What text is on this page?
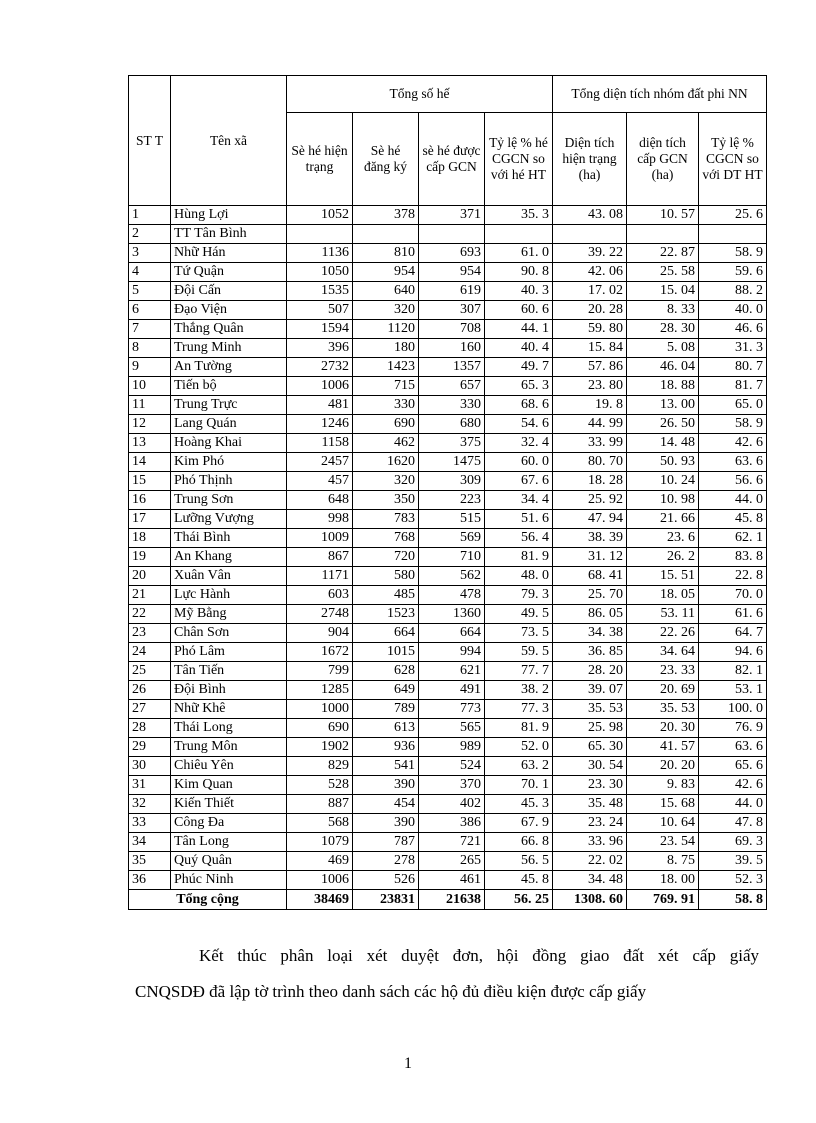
ST T	Tên xã	Tổng số hế				Tổng diện tích nhóm đất phi NN		
		Sè hé hiện trạng	Sè hé đăng ký	sè hé được cấp GCN	Tỷ lệ % hé CGCN so với hé HT	Diện tích hiện trạng (ha)	diện tích cấp GCN (ha)	Tỷ lệ % CGCN so với DT HT
1	Hùng Lợi	1052	378	371	35. 3	43. 08	10. 57	25. 6
2	TT Tân Bình							
3	Nhữ Hán	1136	810	693	61. 0	39. 22	22. 87	58. 9
4	Tứ Quận	1050	954	954	90. 8	42. 06	25. 58	59. 6
5	Đội Cấn	1535	640	619	40. 3	17. 02	15. 04	88. 2
6	Đạo Viện	507	320	307	60. 6	20. 28	8. 33	40. 0
7	Thắng Quân	1594	1120	708	44. 1	59. 80	28. 30	46. 6
8	Trung Minh	396	180	160	40. 4	15. 84	5. 08	31. 3
9	An Tường	2732	1423	1357	49. 7	57. 86	46. 04	80. 7
10	Tiến bộ	1006	715	657	65. 3	23. 80	18. 88	81. 7
11	Trung Trực	481	330	330	68. 6	19. 8	13. 00	65. 0
12	Lang Quán	1246	690	680	54. 6	44. 99	26. 50	58. 9
13	Hoàng Khai	1158	462	375	32. 4	33. 99	14. 48	42. 6
14	Kim Phó	2457	1620	1475	60. 0	80. 70	50. 93	63. 6
15	Phó Thịnh	457	320	309	67. 6	18. 28	10. 24	56. 6
16	Trung Sơn	648	350	223	34. 4	25. 92	10. 98	44. 0
17	Lưỡng Vượng	998	783	515	51. 6	47. 94	21. 66	45. 8
18	Thái Bình	1009	768	569	56. 4	38. 39	23. 6	62. 1
19	An Khang	867	720	710	81. 9	31. 12	26. 2	83. 8
20	Xuân Vân	1171	580	562	48. 0	68. 41	15. 51	22. 8
21	Lực Hành	603	485	478	79. 3	25. 70	18. 05	70. 0
22	Mỹ Bằng	2748	1523	1360	49. 5	86. 05	53. 11	61. 6
23	Chân Sơn	904	664	664	73. 5	34. 38	22. 26	64. 7
24	Phó Lâm	1672	1015	994	59. 5	36. 85	34. 64	94. 6
25	Tân Tiến	799	628	621	77. 7	28. 20	23. 33	82. 1
26	Đội Bình	1285	649	491	38. 2	39. 07	20. 69	53. 1
27	Nhữ Khê	1000	789	773	77. 3	35. 53	35. 53	100. 0
28	Thái Long	690	613	565	81. 9	25. 98	20. 30	76. 9
29	Trung Môn	1902	936	989	52. 0	65. 30	41. 57	63. 6
30	Chiêu Yên	829	541	524	63. 2	30. 54	20. 20	65. 6
31	Kim Quan	528	390	370	70. 1	23. 30	9. 83	42. 6
32	Kiến Thiết	887	454	402	45. 3	35. 48	15. 68	44. 0
33	Công Đa	568	390	386	67. 9	23. 24	10. 64	47. 8
34	Tân Long	1079	787	721	66. 8	33. 96	23. 54	69. 3
35	Quý Quân	469	278	265	56. 5	22. 02	8. 75	39. 5
36	Phúc Ninh	1006	526	461	45. 8	34. 48	18. 00	52. 3
Tổng cộng		38469	23831	21638	56. 25	1308. 60	769. 91	58. 8

Kết thúc phân loại xét duyệt đơn, hội đồng giao đất xét cấp giấy

CNQSDĐ đã lập tờ trình theo danh sách các hộ đủ điều kiện được cấp giấy

1
